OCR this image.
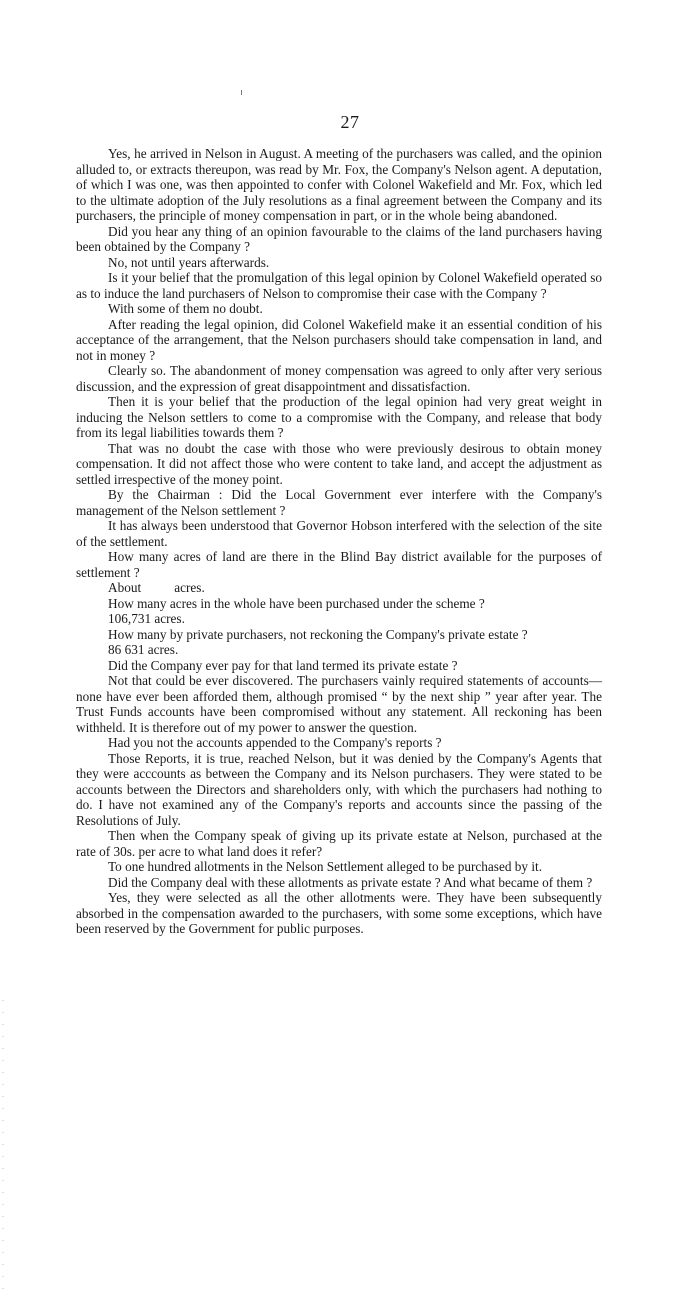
27

Yes, he arrived in Nelson in August. A meeting of the purchasers was called, and the opinion alluded to, or extracts thereupon, was read by Mr. Fox, the Company's Nelson agent. A deputation, of which I was one, was then appointed to confer with Colonel Wakefield and Mr. Fox, which led to the ultimate adoption of the July resolutions as a final agreement between the Company and its purchasers, the principle of money compensation in part, or in the whole being abandoned.

Did you hear any thing of an opinion favourable to the claims of the land purchasers having been obtained by the Company ?

No, not until years afterwards.

Is it your belief that the promulgation of this legal opinion by Colonel Wakefield operated so as to induce the land purchasers of Nelson to compromise their case with the Company ?

With some of them no doubt.

After reading the legal opinion, did Colonel Wakefield make it an essential condition of his acceptance of the arrangement, that the Nelson purchasers should take compensation in land, and not in money ?

Clearly so. The abandonment of money compensation was agreed to only after very serious discussion, and the expression of great disappointment and dissatisfaction.

Then it is your belief that the production of the legal opinion had very great weight in inducing the Nelson settlers to come to a compromise with the Company, and release that body from its legal liabilities towards them ?

That was no doubt the case with those who were previously desirous to obtain money compensation. It did not affect those who were content to take land, and accept the adjustment as settled irrespective of the money point.

By the Chairman : Did the Local Government ever interfere with the Company's management of the Nelson settlement ?

It has always been understood that Governor Hobson interfered with the selection of the site of the settlement.

How many acres of land are there in the Blind Bay district available for the purposes of settlement ?

About          acres.

How many acres in the whole have been purchased under the scheme ?

106,731 acres.

How many by private purchasers, not reckoning the Company's private estate ?

86 631 acres.

Did the Company ever pay for that land termed its private estate ?

Not that could be ever discovered. The purchasers vainly required statements of accounts—none have ever been afforded them, although promised “ by the next ship ” year after year. The Trust Funds accounts have been compromised without any statement. All reckoning has been withheld. It is therefore out of my power to answer the question.

Had you not the accounts appended to the Company's reports ?

Those Reports, it is true, reached Nelson, but it was denied by the Company's Agents that they were acccounts as between the Company and its Nelson purchasers. They were stated to be accounts between the Directors and shareholders only, with which the purchasers had nothing to do. I have not examined any of the Company's reports and accounts since the passing of the Resolutions of July.

Then when the Company speak of giving up its private estate at Nelson, purchased at the rate of 30s. per acre to what land does it refer?

To one hundred allotments in the Nelson Settlement alleged to be purchased by it.

Did the Company deal with these allotments as private estate ? And what became of them ?

Yes, they were selected as all the other allotments were. They have been subsequently absorbed in the compensation awarded to the purchasers, with some some exceptions, which have been reserved by the Government for public purposes.
